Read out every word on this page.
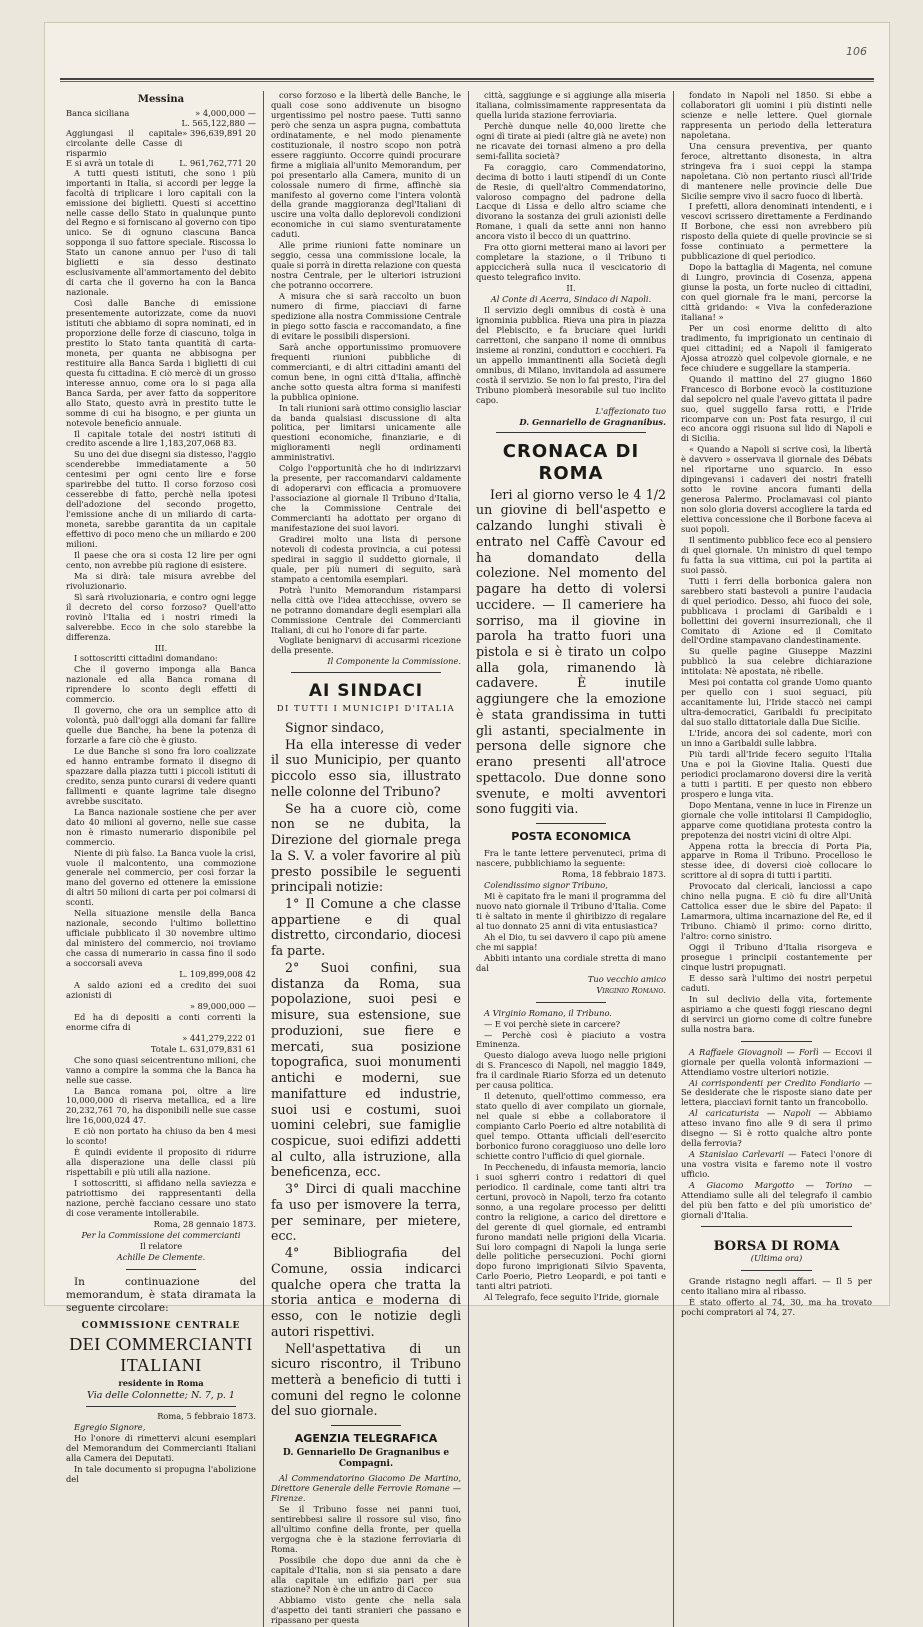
106
Messina
Banca siciliana	» 4,000,000 —
L. 565,122,880 —
Aggiungasi il capitale circolante delle Casse di risparmio
» 396,639,891 20
E si avrà un totale di	L. 961,762,771 20

A tutti questi istituti, che sono i più importanti in Italia, si accordi per legge la facoltà di triplicare i loro capitali con la emissione dei biglietti. Questi si accettino nelle casse dello Stato in qualunque punto del Regno e si forniscano al governo con tipo unico. Se di ognuno ciascuna Banca sopponga il suo fattore speciale. Riscossa lo Stato un canone annuo per l'uso di tali biglietti e sia desso destinato esclusivamente all'ammortamento del debito di carta che il governo ha con la Banca nazionale.

Così dalle Banche di emissione presentemente autorizzate, come da nuovi istituti che abbiamo di sopra nominati, ed in proporzione delle forze di ciascuno, tolga in prestito lo Stato tanta quantità di carta-moneta, per quanta ne abbisogna per restituire alla Banca Sarda i biglietti di cui questa fu cittadina. E ciò mercè di un grosso interesse annuo, come ora lo si paga alla Banca Sarda, per aver fatto da sopperitore allo Stato, questo avrà in prestito tutte le somme di cui ha bisogno, e per giunta un notevole beneficio annuale.

Il capitale totale dei nostri istituti di credito ascende a lire 1,183,207,068 83.

Su uno dei due disegni sia distesso, l'aggio scenderebbe immediatamente a 50 centesimi per ogni cento lire e forse sparirebbe del tutto. Il corso forzoso così cesserebbe di fatto, perchè nella ipotesi dell'adozione del secondo progetto, l'emissione anche di un miliardo di carta-moneta, sarebbe garantita da un capitale effettivo di poco meno che un miliardo e 200 milioni.

Il paese che ora si costa 12 lire per ogni cento, non avrebbe più ragione di esistere.

Ma si dirà: tale misura avrebbe del rivoluzionario.

Sì sarà rivoluzionaria, e contro ogni legge il decreto del corso forzoso? Quell'atto rovinò l'Italia ed i nostri rimedi la salverebbe. Ecco in che solo starebbe la differenza.

III.

I sottoscritti cittadini domandano:

Che il governo imponga alla Banca nazionale ed alla Banca romana di riprendere lo sconto degli effetti di commercio.

Il governo, che ora un semplice atto di volontà, può dall'oggi alla domani far fallire quelle due Banche, ha bene la potenza di forzarle a fare ciò che è giusto.

Le due Banche si sono fra loro coalizzate ed hanno entrambe formato il disegno di spazzare dalla piazza tutti i piccoli istituti di credito, senza punto curarsi di vedere quanti fallimenti e quante lagrime tale disegno avrebbe suscitato.

La Banca nazionale sostiene che per aver dato 40 milioni al governo, nelle sue casse non è rimasto numerario disponibile pel commercio.

Niente di più falso. La Banca vuole la crisi, vuole il malcontento, una commozione generale nel commercio, per così forzar la mano del governo ed ottenere la emissione di altri 50 milioni di carta per poi colmarsi di sconti.

Nella situazione mensile della Banca nazionale, secondo l'ultimo bollettino ufficiale pubblicato il 30 novembre ultimo dal ministero del commercio, noi troviamo che cassa di numerario in cassa fino il sodo a soccorsali aveva

L. 109,899,008 42

A saldo azioni ed a credito dei suoi azionisti di

» 89,000,000 —

Ed ha di depositi a conti correnti la enorme cifra di

» 441,279,222 01

Totale L. 631,079,831 61

Che sono quasi seicentrentuno milioni, che vanno a compire la somma che la Banca ha nelle sue casse.

La Banca romana poi, oltre a lire 10,000,000 di riserva metallica, ed a lire 20,232,761 70, ha disponibili nelle sue casse lire 16,000,024 47.

E ciò non portato ha chiuso da ben 4 mesi lo sconto!

È quindi evidente il proposito di ridurre alla disperazione una delle classi più rispettabili e più utili alla nazione.

I sottoscritti, si affidano nella saviezza e patriottismo dei rappresentanti della nazione, perchè facciano cessare uno stato di cose veramente intollerabile.

Roma, 28 gennaio 1873.

Per la Commissione dei commercianti

Il relatore

Achille De Clemente.

In continuazione del memorandum, è stata diramata la seguente circolare:

COMMISSIONE CENTRALE
DEI COMMERCIANTI ITALIANI

residente in Roma

Via delle Colonnette; N. 7, p. 1

Roma, 5 febbraio 1873.

Egregio Signore,

Ho l'onore di rimettervi alcuni esemplari del Memorandum dei Commercianti Italiani alla Camera dei Deputati.

In tale documento si propugna l'abolizione del

corso forzoso e la libertà delle Banche, le quali cose sono addivenute un bisogno urgentissimo pel nostro paese. Tutti sanno però che senza un aspra pugna, combattuta ordinatamente, e nel modo pienamente costituzionale, il nostro scopo non potrà essere raggiunto. Occorre quindi procurare firme a migliaia all'unito Memorandum, per poi presentarlo alla Camera, munito di un colossale numero di firme, affinchè sia manifesto al governo come l'intera volontà della grande maggioranza degl'Italiani di uscire una volta dallo deplorevoli condizioni economiche in cui siamo sventuratamente caduti.

Alle prime riunioni fatte nominare un seggio, cessa una commissione locale, la quale si porrà in diretta relazione con questa nostra Centrale, per le ulteriori istruzioni che potranno occorrere.

A misura che si sarà raccolto un buon numero di firme, piacciavi di farne spedizione alla nostra Commissione Centrale in piego sotto fascia e raccomandato, a fine di evitare le possibili dispersioni.

Sarà anche opportunissimo promuovere frequenti riunioni pubbliche di commercianti, e di altri cittadini amanti del comun bene, in ogni città d'Italia, affinchè anche sotto questa altra forma si manifesti la pubblica opinione.

In tali riunioni sarà ottimo consiglio lasciar da banda qualsiasi discussione di alta politica, per limitarsi unicamente alle questioni economiche, finanziarie, e di miglioramenti negli ordinamenti amministrativi.

Colgo l'opportunità che ho di indirizzarvi la presente, per raccomandarvi caldamente di adoperarvi con efficacia a promuovere l'associazione al giornale Il Tribuno d'Italia, che la Commissione Centrale dei Commercianti ha adottato per organo di manifestazione dei suoi lavori.

Gradirei molto una lista di persone notevoli di codesta provincia, a cui potessi spedirai in saggio il suddetto giornale, il quale, per più numeri di seguito, sarà stampato a centomila esemplari.

Potrà l'unito Memorandum ristamparsi nella città ove l'idea attecchisse, ovvero se ne potranno domandare degli esemplari alla Commissione Centrale dei Commercianti Italiani, di cui ho l'onore di far parte.

Vogliate benignarvi di accusarmi ricezione della presente.

Il Componente la Commissione.

AI SINDACI
DI TUTTI I MUNICIPI D'ITALIA

Signor sindaco,

Ha ella interesse di veder il suo Municipio, per quanto piccolo esso sia, illustrato nelle colonne del Tribuno?

Se ha a cuore ciò, come non se ne dubita, la Direzione del giornale prega la S. V. a voler favorire al più presto possibile le seguenti principali notizie:

1° Il Comune a che classe appartiene e di qual distretto, circondario, diocesi fa parte.

2° Suoi confini, sua distanza da Roma, sua popolazione, suoi pesi e misure, sua estensione, sue produzioni, sue fiere e mercati, sua posizione topografica, suoi monumenti antichi e moderni, sue manifatture ed industrie, suoi usi e costumi, suoi uomini celebri, sue famiglie cospicue, suoi edifizi addetti al culto, alla istruzione, alla beneficenza, ecc.

3° Dirci di quali macchine fa uso per ismovere la terra, per seminare, per mietere, ecc.

4° Bibliografia del Comune, ossia indicarci qualche opera che tratta la storia antica e moderna di esso, con le notizie degli autori rispettivi.

Nell'aspettativa di un sicuro riscontro, il Tribuno metterà a beneficio di tutti i comuni del regno le colonne del suo giornale.

AGENZIA TELEGRAFICA

D. Gennariello De Gragnanibus e Compagni.

Al Commendatorino Giacomo De Martino, Direttore Generale delle Ferrovie Romane — Firenze.

Se il Tribuno fosse nei panni tuoi, sentirebbesi salire il rossore sul viso, fino all'ultimo confine della fronte, per quella vergogna che è la stazione ferroviaria di Roma.

Possibile che dopo due anni da che è capitale d'Italia, non si sia pensato a dare alla capitale un edifizio pari per sua stazione? Non è che un antro di Cacco

Abbiamo visto gente che nella sala d'aspetto dei tanti stranieri che passano e ripassano per questa

città, saggiunge e si aggiunge alla miseria italiana, colmissimamente rappresentata da quella lurida stazione ferroviaria.

Perchè dunque nelle 40,000 lirette che ogni dì tirate ai piedi (altre già ne avete) non ne ricavate dei tornasi almeno a pro della semi-fallita società?

Fa coraggio, caro Commendatorino, decima di botto i lauti stipendî di un Conte de Resie, di quell'altro Commendatorino, valoroso compagno del padrone della Lacque di Lissa e dello altro sciame che divorano la sostanza dei gruli azionisti delle Romane, i quali da sette anni non hanno ancora visto il becco di un quattrino.

Fra otto giorni metterai mano ai lavori per completare la stazione, o il Tribuno ti appiccicherà sulla nuca il vescicatorio di questo telegrafico invito.

II.

Al Conte di Acerra, Sindaco di Napoli.

Il servizio degli omnibus di costà è una ignominia pubblica. Rieva una pira in piazza del Plebiscito, e fa bruciare quei luridi carrettoni, che sanpano il nome di omnibus insieme ai ronzini, conduttori e cocchieri. Fa un appello immantinenti alla Società degli omnibus, di Milano, invitandola ad assumere costà il servizio. Se non lo fai presto, l'ira del Tribuno piomberà inesorabile sul tuo inclito capo.

L'affezionato tuo

D. Gennariello de Gragnanibus.

CRONACA DI ROMA

Ieri al giorno verso le 4 1/2 un giovine di bell'aspetto e calzando lunghi stivali è entrato nel Caffè Cavour ed ha domandato della colezione. Nel momento del pagare ha detto di volersi uccidere. — Il cameriere ha sorriso, ma il giovine in parola ha tratto fuori una pistola e si è tirato un colpo alla gola, rimanendo là cadavere. È inutile aggiungere che la emozione è stata grandissima in tutti gli astanti, specialmente in persona delle signore che erano presenti all'atroce spettacolo. Due donne sono svenute, e molti avventori sono fuggiti via.

POSTA ECONOMICA

Fra le tante lettere pervenuteci, prima di nascere, pubblichiamo la seguente:

Roma, 18 febbraio 1873.

Colendissimo signor Tribuno,

Mi è capitato fra le mani il programma del nuovo nato giornale il Tribuno d'Italia. Come ti è saltato in mente il ghiribizzo di regalare al tuo donnato 25 anni di vita entusiastica?

Ah el Dio, tu sei davvero il capo più amene che mi sappia!

Abbiti intanto una cordiale stretta di mano dal

Tuo vecchio amico

Virginio Romano.

A Virginio Romano, il Tribuno.

— E voi perchè siete in carcere?

— Perchè così è piaciuto a vostra Eminenza.

Questo dialogo aveva luogo nelle prigioni di S. Francesco di Napoli, nel maggio 1849, fra il cardinale Riario Sforza ed un detenuto per causa politica.

Il detenuto, quell'ottimo commesso, era stato quello di aver compilato un giornale, nel quale si ebbe a collaboratore il compianto Carlo Poerio ed altre notabilità di quel tempo. Ottanta ufficiali dell'esercito borbonico furono coraggiuoso uno delle loro schiette contro l'ufficio di quel giornale.

In Pecchenedu, di infausta memoria, lancio i suoi sgherri contro i redattori di quel periodico. Il cardinale, come tanti altri tra certuni, provocò in Napoli, terzo fra cotanto sonno, a una regolare processo per delitti contro la religione, a carico del direttore e del gerente di quel giornale, ed entrambi furono mandati nelle prigioni della Vicaria. Sui loro compagni di Napoli la lunga serie delle politiche persecuzioni. Pochi giorni dopo furono imprigionati Silvio Spaventa, Carlo Poerio, Pietro Leopardi, e poi tanti e tanti altri patrioti.

Al Telegrafo, fece seguito l'Iride, giornale

fondato in Napoli nel 1850. Si ebbe a collaboratori gli uomini i più distinti nelle scienze e nelle lettere. Quel giornale rappresenta un periodo della letteratura napoletana.

Una censura preventiva, per quanto feroce, altrettanto disonesta, in altra stringeva fra i suoi ceppi la stampa napoletana. Ciò non pertanto riuscì all'Iride di mantenere nelle provincie delle Due Sicilie sempre vivo il sacro fuoco di libertà.

I prefetti, allora denominati intendenti, e i vescovi scrissero direttamente a Ferdinando II Borbone, che essi non avrebbero più risposto della quiete di quelle provincie se si fosse continuato a permettere la pubblicazione di quel periodico.

Dopo la battaglia di Magenta, nel comune di Lungro, provincia di Cosenza, appena giunse la posta, un forte nucleo di cittadini, con quel giornale fra le mani, percorse la città gridando: « Viva la confederazione italiana! »

Per un così enorme delitto di alto tradimento, fu imprigionato un centinaio di quei cittadini; ed a Napoli il famigerato Ajossa atrozzò quel colpevole giornale, e ne fece chiudere e suggellare la stamperia.

Quando il mattino del 27 giugno 1860 Francesco di Borbone evocò la costituzione dal sepolcro nel quale l'avevo gittata il padre suo, quel suggello farsa rotti, e l'Iride ricomparve con un: Post fata resurgo, il cui eco ancora oggi risuona sul lido di Napoli e di Sicilia.

« Quando a Napoli si scrive così, la libertà è davvero » osservava il giornale des Débats nel riportarne uno squarcio. In esso dipingevansi i cadaveri dei nostri fratelli sotto le rovine ancora fumanti della generosa Palermo. Proclamavasi col pianto non solo gloria doversi accogliere la tarda ed elettiva concessione che il Borbone faceva ai suoi popoli.

Il sentimento pubblico fece eco al pensiero di quel giornale. Un ministro di quel tempo fu fatta la sua vittima, cui poi la partita ai suoi passò.

Tutti i ferri della borbonica galera non sarebbero stati bastevoli a punire l'audacia di quel periodico. Desso, ahi fuoco dei sole, pubblicava i proclami di Garibaldi e i bollettini dei governi insurrezionali, che il Comitato di Azione ed il Comitato dell'Ordine stampavano clandestinamente.

Su quelle pagine Giuseppe Mazzini pubblicò la sua celebre dichiarazione intitolata: Nè apostata, nè ribelle.

Mesi poi contatta col grande Uomo quanto per quello con i suoi seguaci, più accanitamente lui, l'Iride staccò nei campi ultra-democratici, Garibaldi fu precipitato dal suo stallo dittatoriale dalla Due Sicilie.

L'Iride, ancora dei sol cadente, morì con un inno a Garibaldi sulle labbra.

Più tardi all'Iride fecero seguito l'Italia Una e poi la Giovine Italia. Questi due periodici proclamarono doversi dire la verità a tutti i partiti. E per questo non ebbero prospero e lunga vita.

Dopo Mentana, venne in luce in Firenze un giornale che volle intitolarsi Il Campidoglio, apparve come quotidiana protesta contro la prepotenza dei nostri vicini di oltre Alpi.

Appena rotta la breccia di Porta Pia, apparve in Roma il Tribuno. Procelloso le stesse idee, di doversi cioè collocare lo scrittore al di sopra di tutti i partiti.

Provocato dal clericali, lanciossi a capo chino nella pugna. E ciò fu dire all'Unità Cattolica esser due le sbire del Papato: il Lamarmora, ultima incarnazione del Re, ed il Tribuno. Chiamò il primo: corno diritto, l'altro: corno sinistro.

Oggi il Tribuno d'Italia risorgeva e prosegue i principii costantemente per cinque lustri propugnati.

E desso sarà l'ultimo dei nostri perpetui caduti.

In sul declivio della vita, fortemente aspiriamo a che questi foggi riescano degni di servirci un giorno come di coltre funebre sulla nostra bara.

A Raffaele Giovagnoli — Forlì — Eccovi il giornale per quella volontà informazioni — Attendiamo vostre ulteriori notizie.

Ai corrispondenti per Credito Fondiario — Se desiderate che le risposte siano date per lettera, piacciavi fornit tanto un francobollo.

Al caricaturista — Napoli — Abbiamo atteso invano fino alle 9 di sera il primo disegno — Si è rotto qualche altro ponte della ferrovia?

A Stanislao Carlevarii — Fateci l'onore di una vostra visita e faremo note il vostro ufficio.

A Giacomo Margotto — Torino — Attendiamo sulle ali del telegrafo il cambio del più ben fatto e del più umoristico de' giornali d'Italia.

BORSA DI ROMA

(Ultima ora)

Grande ristagno negli affari. — Il 5 per cento italiano mira al ribasso.

È stato offerto al 74, 30, ma ha trovato pochi compratori al 74, 27.
